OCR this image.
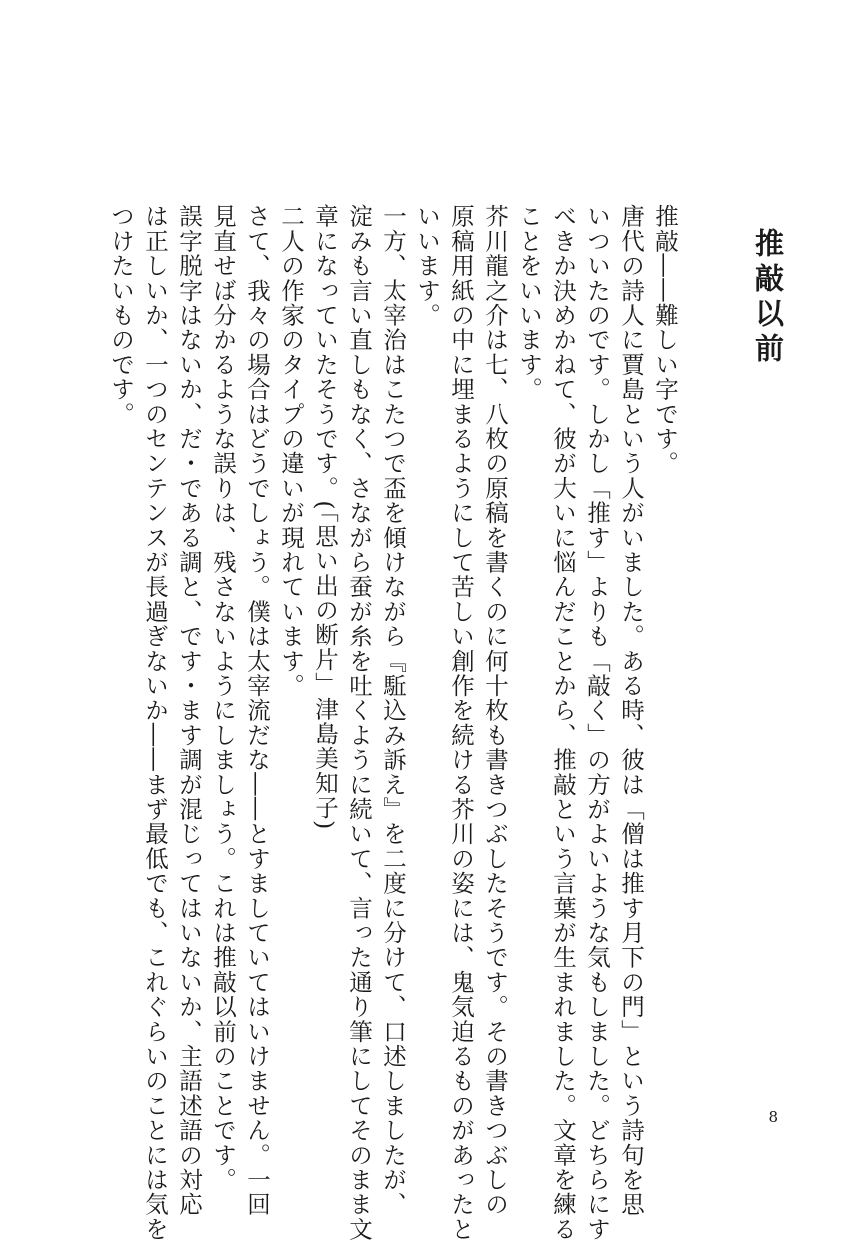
推敲以前
推敲――難しい字です。
唐代の詩人に賈島という人がいました。ある時、彼は「僧は推す月下の門」という詩句を思
いついたのです。しかし「推す」よりも「敲く」の方がよいような気もしました。どちらにす
べきか決めかねて、彼が大いに悩んだことから、推敲という言葉が生まれました。文章を練る
ことをいいます。
芥川龍之介は七、八枚の原稿を書くのに何十枚も書きつぶしたそうです。その書きつぶしの
原稿用紙の中に埋まるようにして苦しい創作を続ける芥川の姿には、鬼気迫るものがあったと
いいます。
一方、太宰治はこたつで盃を傾けながら『駈込み訴え』を二度に分けて、口述しましたが、
淀みも言い直しもなく、さながら蚕が糸を吐くように続いて、言った通り筆にしてそのまま文
章になっていたそうです。(「思い出の断片」津島美知子)
二人の作家のタイプの違いが現れています。
さて、我々の場合はどうでしょう。僕は太宰流だな――とすましていてはいけません。一回
見直せば分かるような誤りは、残さないようにしましょう。これは推敲以前のことです。
誤字脱字はないか、だ・である調と、です・ます調が混じってはいないか、主語述語の対応
は正しいか、一つのセンテンスが長過ぎないか――まず最低でも、これぐらいのことには気を
つけたいものです。
8
